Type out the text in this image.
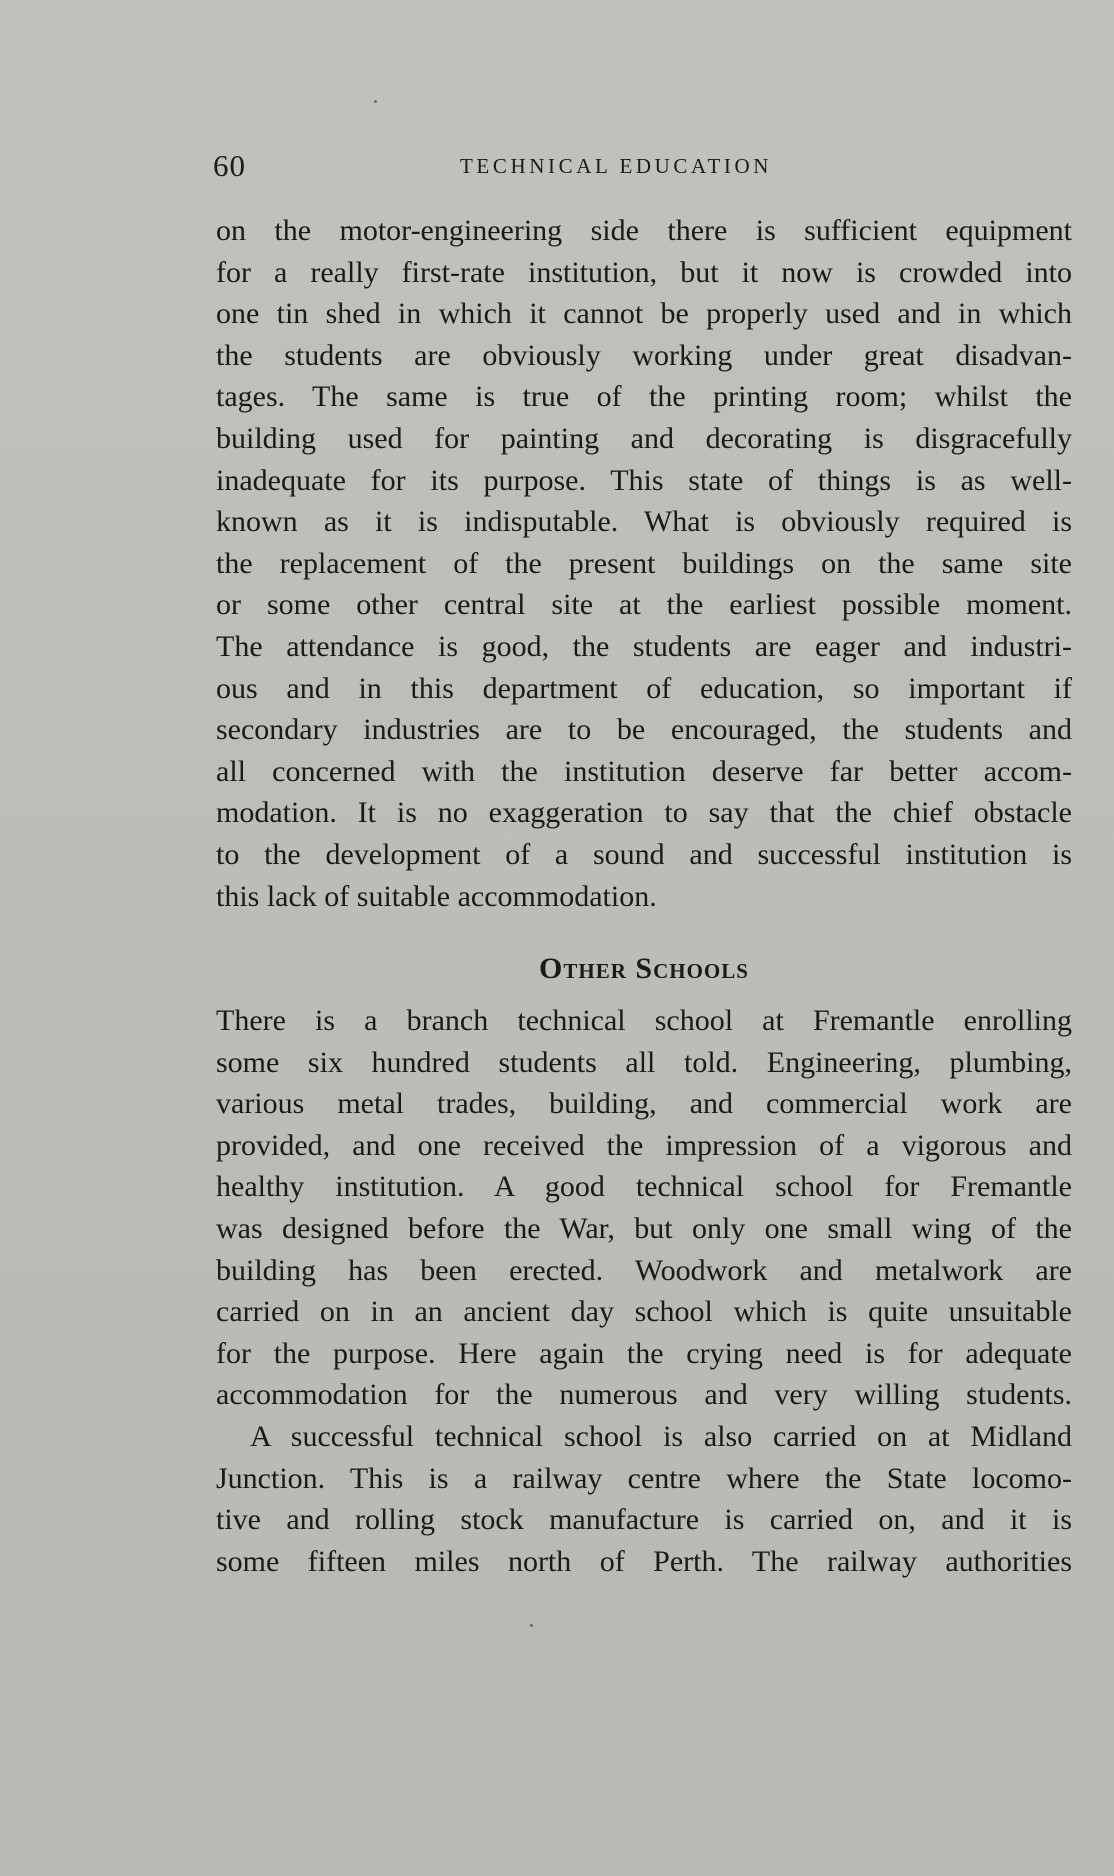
60	TECHNICAL EDUCATION

on the motor-engineering side there is sufficient equipment
for a really first-rate institution, but it now is crowded into
one tin shed in which it cannot be properly used and in which
the students are obviously working under great disadvan-
tages. The same is true of the printing room; whilst the
building used for painting and decorating is disgracefully
inadequate for its purpose. This state of things is as well-
known as it is indisputable. What is obviously required is
the replacement of the present buildings on the same site
or some other central site at the earliest possible moment.
The attendance is good, the students are eager and industri-
ous and in this department of education, so important if
secondary industries are to be encouraged, the students and
all concerned with the institution deserve far better accom-
modation. It is no exaggeration to say that the chief obstacle
to the development of a sound and successful institution is
this lack of suitable accommodation.

Other Schools

There is a branch technical school at Fremantle enrolling
some six hundred students all told. Engineering, plumbing,
various metal trades, building, and commercial work are
provided, and one received the impression of a vigorous and
healthy institution. A good technical school for Fremantle
was designed before the War, but only one small wing of the
building has been erected. Woodwork and metalwork are
carried on in an ancient day school which is quite unsuitable
for the purpose. Here again the crying need is for adequate
accommodation for the numerous and very willing students.
A successful technical school is also carried on at Midland
Junction. This is a railway centre where the State locomo-
tive and rolling stock manufacture is carried on, and it is
some fifteen miles north of Perth. The railway authorities
